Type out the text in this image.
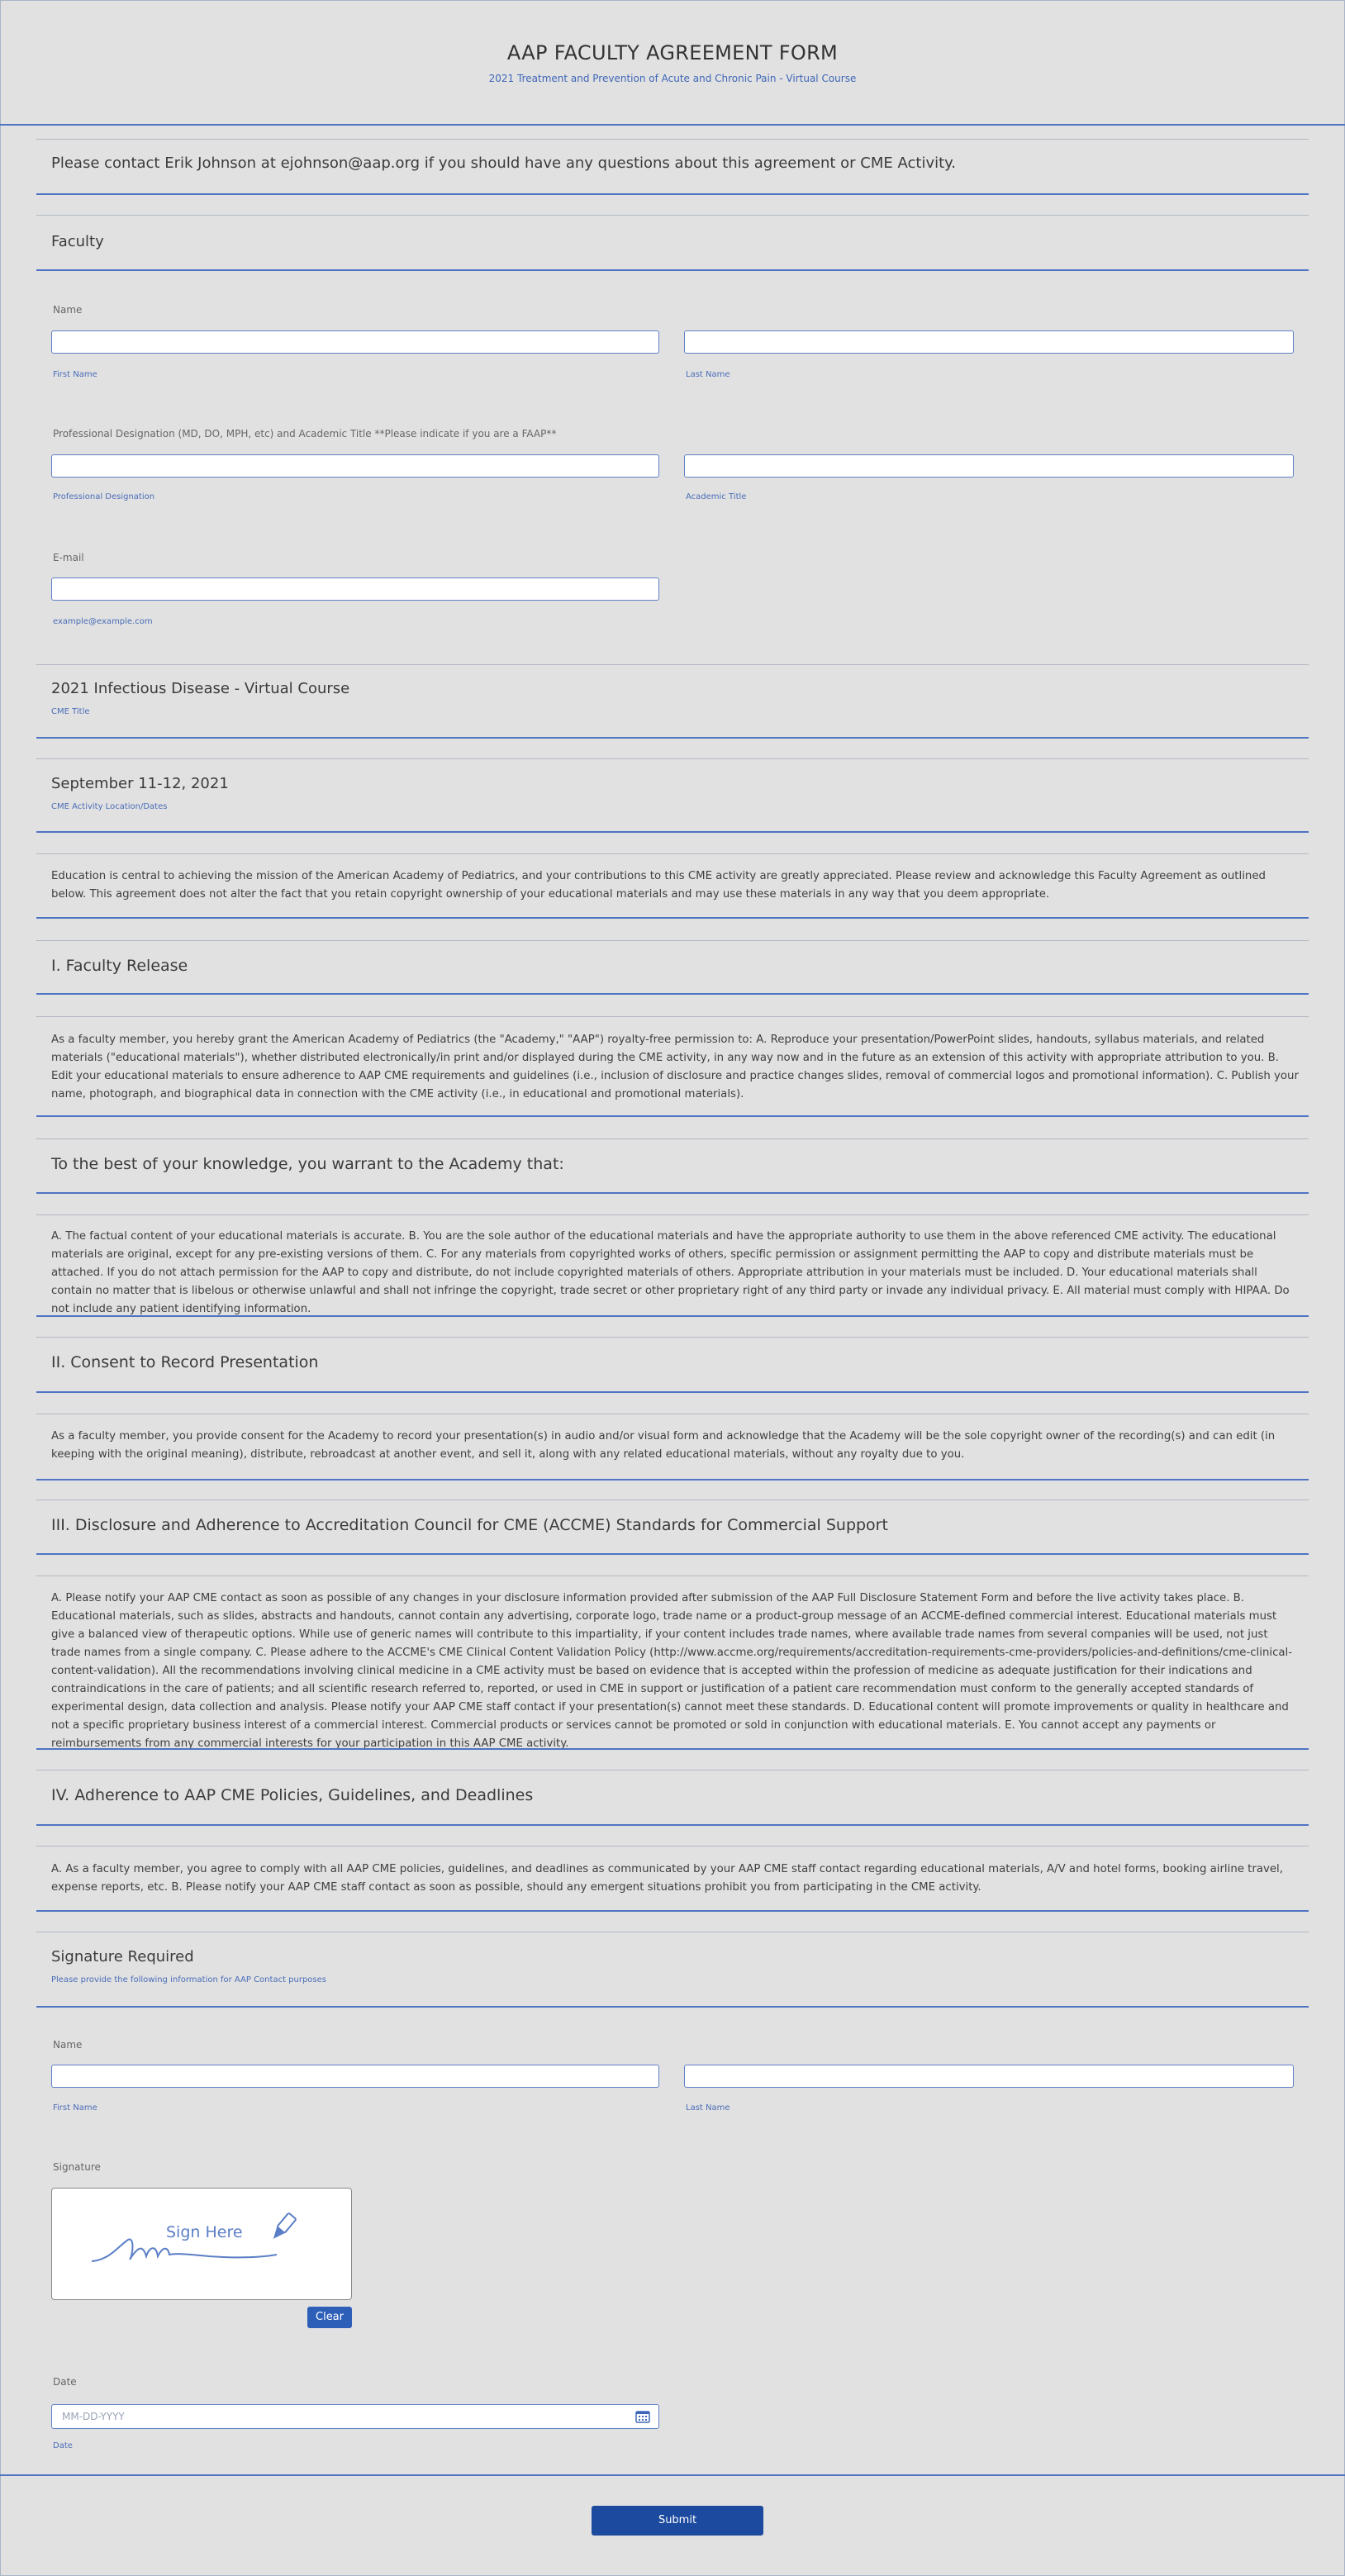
AAP FACULTY AGREEMENT FORM
2021 Treatment and Prevention of Acute and Chronic Pain - Virtual Course
Please contact Erik Johnson at ejohnson@aap.org if you should have any questions about this agreement or CME Activity.
Faculty
Name
First Name	Last Name
Professional Designation (MD, DO, MPH, etc) and Academic Title **Please indicate if you are a FAAP**
Professional Designation	Academic Title
E-mail
example@example.com
2021 Infectious Disease - Virtual Course
CME Title
September 11-12, 2021
CME Activity Location/Dates
Education is central to achieving the mission of the American Academy of Pediatrics, and your contributions to this CME activity are greatly appreciated. Please review and acknowledge this Faculty Agreement as outlined below. This agreement does not alter the fact that you retain copyright ownership of your educational materials and may use these materials in any way that you deem appropriate.
I. Faculty Release
As a faculty member, you hereby grant the American Academy of Pediatrics (the "Academy," "AAP") royalty-free permission to: A. Reproduce your presentation/PowerPoint slides, handouts, syllabus materials, and related materials ("educational materials"), whether distributed electronically/in print and/or displayed during the CME activity, in any way now and in the future as an extension of this activity with appropriate attribution to you. B. Edit your educational materials to ensure adherence to AAP CME requirements and guidelines (i.e., inclusion of disclosure and practice changes slides, removal of commercial logos and promotional information). C. Publish your name, photograph, and biographical data in connection with the CME activity (i.e., in educational and promotional materials).
To the best of your knowledge, you warrant to the Academy that:
A. The factual content of your educational materials is accurate. B. You are the sole author of the educational materials and have the appropriate authority to use them in the above referenced CME activity. The educational materials are original, except for any pre-existing versions of them. C. For any materials from copyrighted works of others, specific permission or assignment permitting the AAP to copy and distribute materials must be attached. If you do not attach permission for the AAP to copy and distribute, do not include copyrighted materials of others. Appropriate attribution in your materials must be included. D. Your educational materials shall contain no matter that is libelous or otherwise unlawful and shall not infringe the copyright, trade secret or other proprietary right of any third party or invade any individual privacy. E. All material must comply with HIPAA. Do not include any patient identifying information.
II. Consent to Record Presentation
As a faculty member, you provide consent for the Academy to record your presentation(s) in audio and/or visual form and acknowledge that the Academy will be the sole copyright owner of the recording(s) and can edit (in keeping with the original meaning), distribute, rebroadcast at another event, and sell it, along with any related educational materials, without any royalty due to you.
III. Disclosure and Adherence to Accreditation Council for CME (ACCME) Standards for Commercial Support
A. Please notify your AAP CME contact as soon as possible of any changes in your disclosure information provided after submission of the AAP Full Disclosure Statement Form and before the live activity takes place. B. Educational materials, such as slides, abstracts and handouts, cannot contain any advertising, corporate logo, trade name or a product-group message of an ACCME-defined commercial interest. Educational materials must give a balanced view of therapeutic options. While use of generic names will contribute to this impartiality, if your content includes trade names, where available trade names from several companies will be used, not just trade names from a single company. C. Please adhere to the ACCME's CME Clinical Content Validation Policy (http://www.accme.org/requirements/accreditation-requirements-cme-providers/policies-and-definitions/cme-clinical-content-validation). All the recommendations involving clinical medicine in a CME activity must be based on evidence that is accepted within the profession of medicine as adequate justification for their indications and contraindications in the care of patients; and all scientific research referred to, reported, or used in CME in support or justification of a patient care recommendation must conform to the generally accepted standards of experimental design, data collection and analysis. Please notify your AAP CME staff contact if your presentation(s) cannot meet these standards. D. Educational content will promote improvements or quality in healthcare and not a specific proprietary business interest of a commercial interest. Commercial products or services cannot be promoted or sold in conjunction with educational materials. E. You cannot accept any payments or reimbursements from any commercial interests for your participation in this AAP CME activity.
IV. Adherence to AAP CME Policies, Guidelines, and Deadlines
A. As a faculty member, you agree to comply with all AAP CME policies, guidelines, and deadlines as communicated by your AAP CME staff contact regarding educational materials, A/V and hotel forms, booking airline travel, expense reports, etc. B. Please notify your AAP CME staff contact as soon as possible, should any emergent situations prohibit you from participating in the CME activity.
Signature Required
Please provide the following information for AAP Contact purposes
Name
First Name	Last Name
Signature
Sign Here
Clear
Date
MM-DD-YYYY
Date
Submit
